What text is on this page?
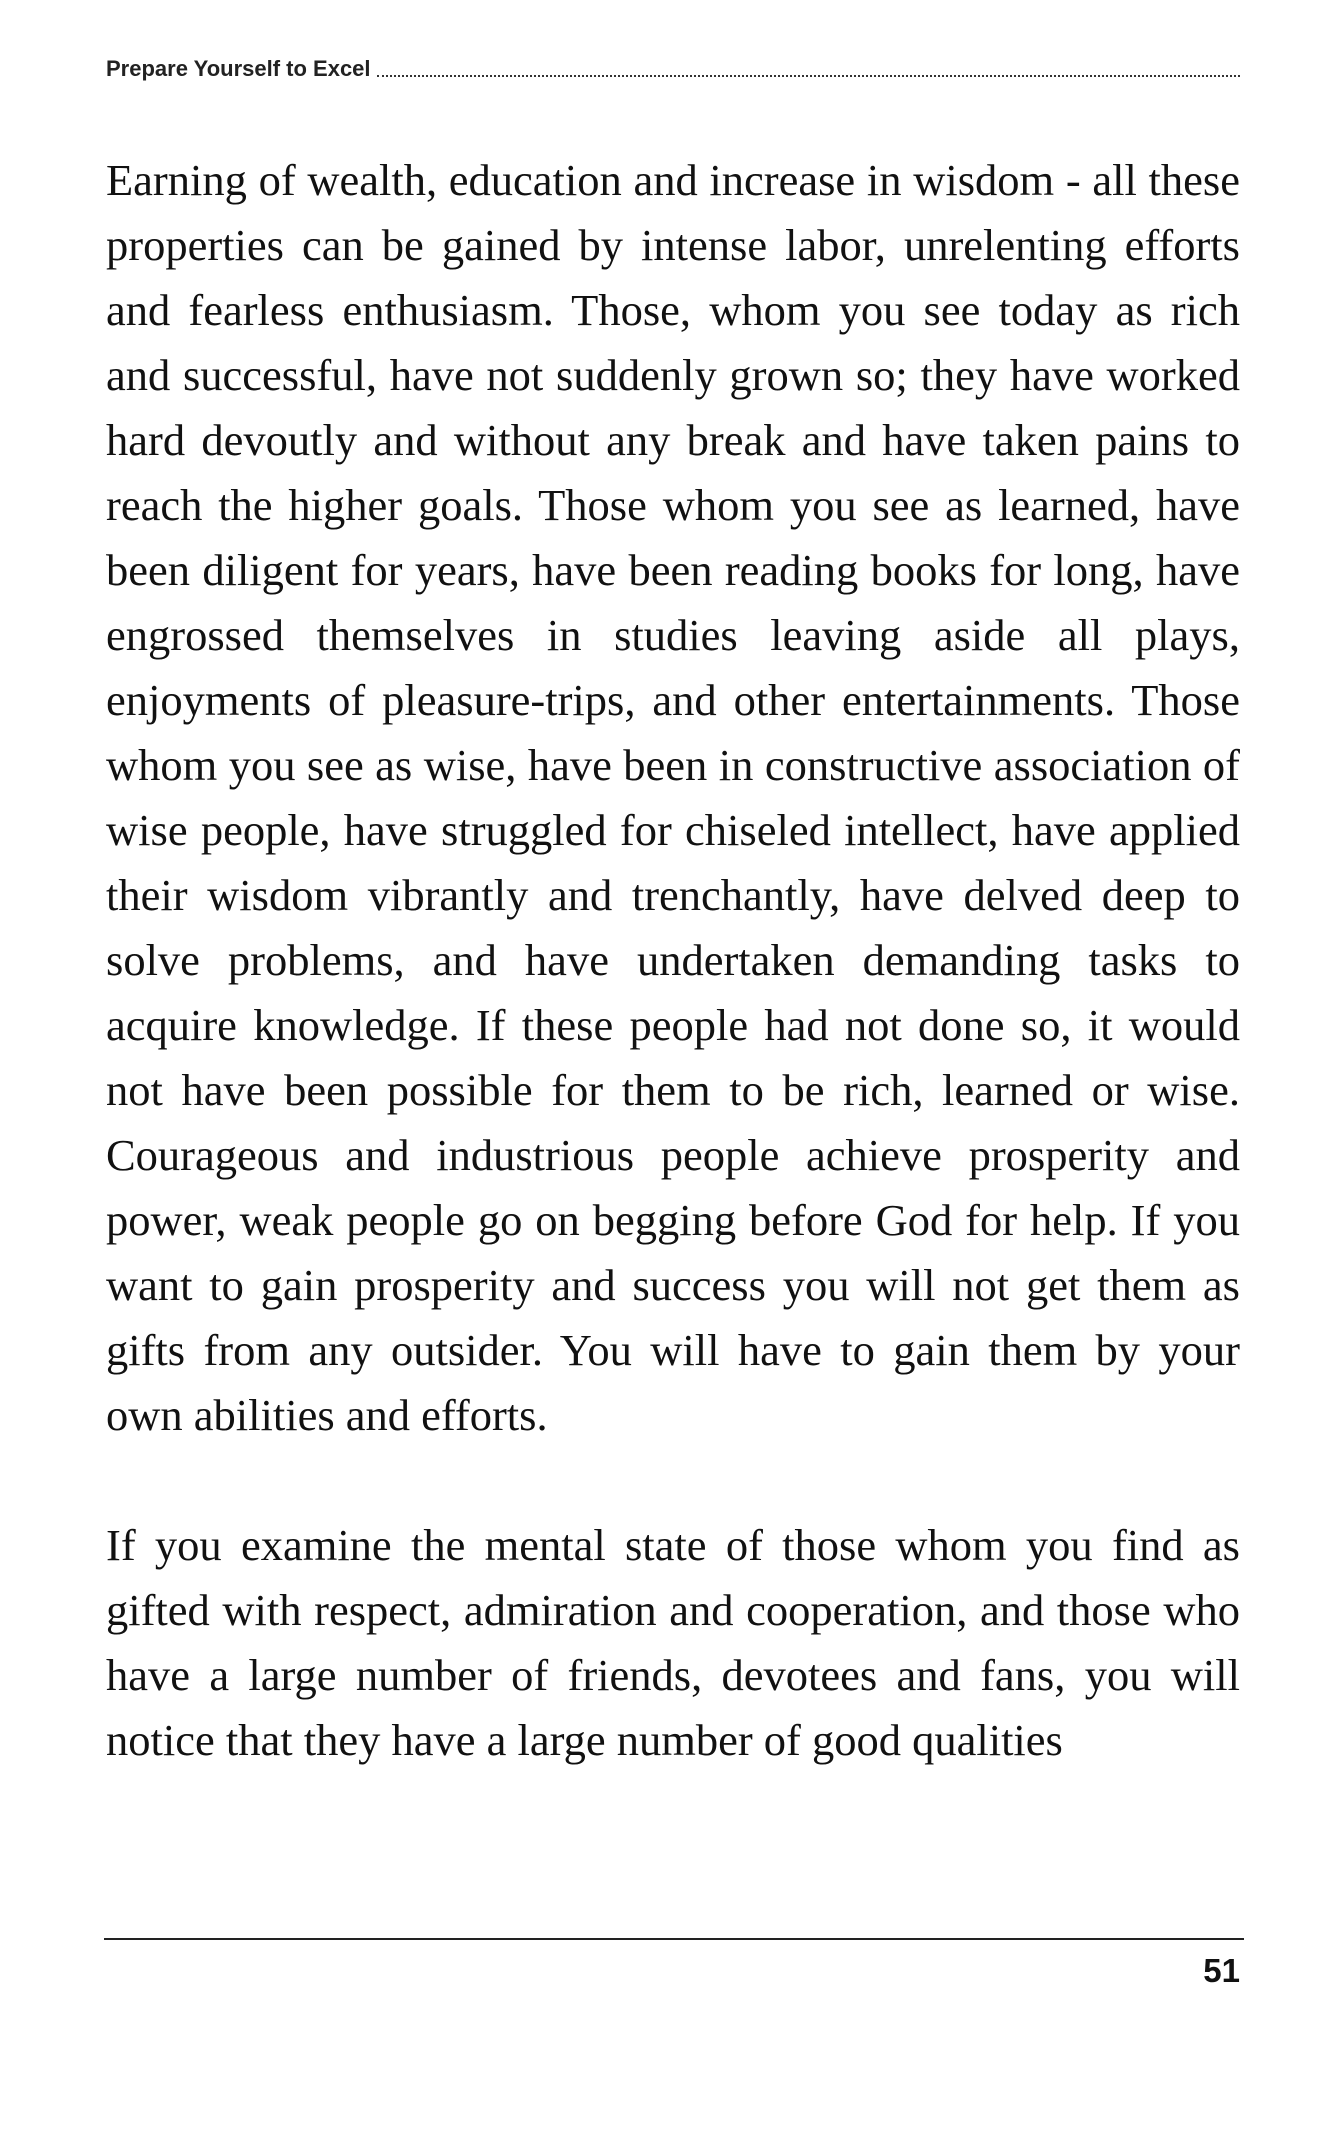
Prepare Yourself to Excel

Earning of wealth, education and increase in wisdom - all these properties can be gained by intense labor, unrelenting efforts and fearless enthusiasm. Those, whom you see today as rich and successful, have not suddenly grown so; they have worked hard devoutly and without any break and have taken pains to reach the higher goals. Those whom you see as learned, have been diligent for years, have been reading books for long, have engrossed themselves in studies leaving aside all plays, enjoyments of pleasure-trips, and other entertainments. Those whom you see as wise, have been in constructive association of wise people, have struggled for chiseled intellect, have applied their wisdom vibrantly and trenchantly, have delved deep to solve problems, and have undertaken demanding tasks to acquire knowledge. If these people had not done so, it would not have been possible for them to be rich, learned or wise. Courageous and industrious people achieve prosperity and power, weak people go on begging before God for help. If you want to gain prosperity and success you will not get them as gifts from any outsider. You will have to gain them by your own abilities and efforts.

If you examine the mental state of those whom you find as gifted with respect, admiration and cooperation, and those who have a large number of friends, devotees and fans, you will notice that they have a large number of good qualities

51
